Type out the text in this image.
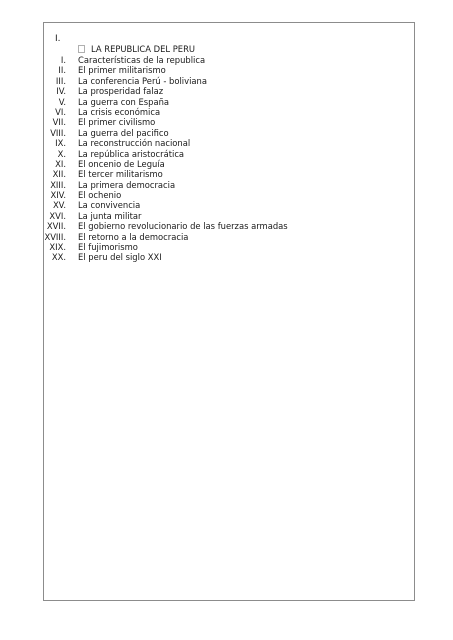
I.
LA REPUBLICA DEL PERU
I. Características de la republica
II. El primer militarismo
III. La conferencia Perú - boliviana
IV. La prosperidad falaz
V. La guerra con España
VI. La crisis económica
VII. El primer civilismo
VIII. La guerra del pacifico
IX. La reconstrucción nacional
X. La república aristocrática
XI. El oncenio de Leguía
XII. El tercer militarismo
XIII. La primera democracia
XIV. El ochenio
XV. La convivencia
XVI. La junta militar
XVII. El gobierno revolucionario de las fuerzas armadas
XVIII. El retorno a la democracia
XIX. El fujimorismo
XX. El peru del siglo XXI
